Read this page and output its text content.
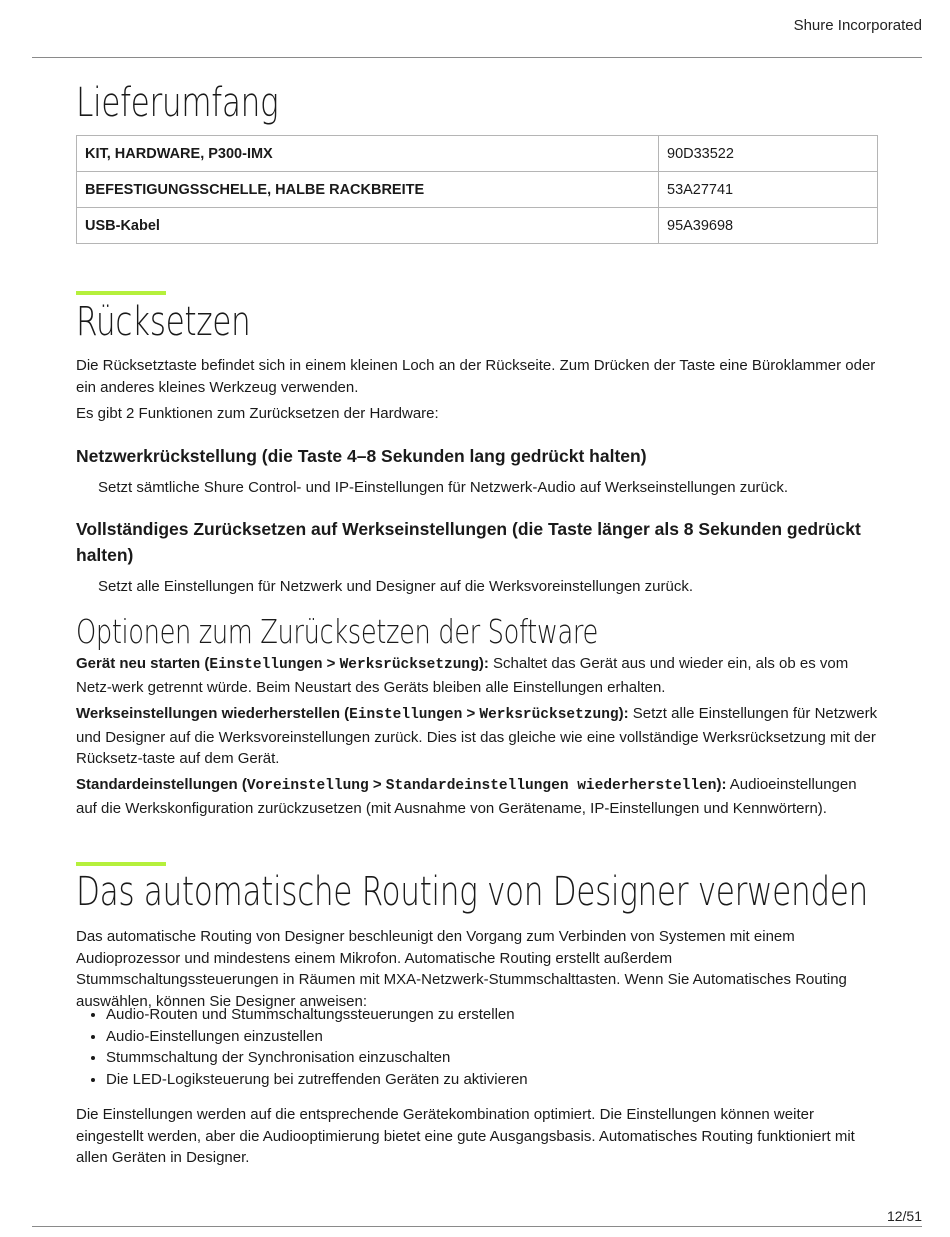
Shure Incorporated
Lieferumfang
KIT, HARDWARE, P300-IMX	90D33522
BEFESTIGUNGSSCHELLE, HALBE RACKBREITE	53A27741
USB-Kabel	95A39698
Rücksetzen

Die Rücksetztaste befindet sich in einem kleinen Loch an der Rückseite. Zum Drücken der Taste eine Büroklammer oder ein anderes kleines Werkzeug verwenden.

Es gibt 2 Funktionen zum Zurücksetzen der Hardware:

Netzwerkrückstellung (die Taste 4–8 Sekunden lang gedrückt halten)

Setzt sämtliche Shure Control- und IP-Einstellungen für Netzwerk-Audio auf Werkseinstellungen zurück.

Vollständiges Zurücksetzen auf Werkseinstellungen (die Taste länger als 8 Sekunden gedrückt halten)

Setzt alle Einstellungen für Netzwerk und Designer auf die Werksvoreinstellungen zurück.

Optionen zum Zurücksetzen der Software

Gerät neu starten (Einstellungen > Werksrücksetzung): Schaltet das Gerät aus und wieder ein, als ob es vom Netz-werk getrennt würde. Beim Neustart des Geräts bleiben alle Einstellungen erhalten.

Werkseinstellungen wiederherstellen (Einstellungen > Werksrücksetzung): Setzt alle Einstellungen für Netzwerk und Designer auf die Werksvoreinstellungen zurück. Dies ist das gleiche wie eine vollständige Werksrücksetzung mit der Rücksetz-taste auf dem Gerät.

Standardeinstellungen (Voreinstellung > Standardeinstellungen wiederherstellen): Audioeinstellungen auf die Werkskonfiguration zurückzusetzen (mit Ausnahme von Gerätename, IP-Einstellungen und Kennwörtern).

Das automatische Routing von Designer verwenden

Das automatische Routing von Designer beschleunigt den Vorgang zum Verbinden von Systemen mit einem Audioprozessor und mindestens einem Mikrofon. Automatische Routing erstellt außerdem Stummschaltungssteuerungen in Räumen mit MXA-Netzwerk-Stummschalttasten. Wenn Sie Automatisches Routing auswählen, können Sie Designer anweisen:

• Audio-Routen und Stummschaltungssteuerungen zu erstellen
• Audio-Einstellungen einzustellen
• Stummschaltung der Synchronisation einzuschalten
• Die LED-Logiksteuerung bei zutreffenden Geräten zu aktivieren

Die Einstellungen werden auf die entsprechende Gerätekombination optimiert. Die Einstellungen können weiter eingestellt werden, aber die Audiooptimierung bietet eine gute Ausgangsbasis. Automatisches Routing funktioniert mit allen Geräten in Designer.

12/51
